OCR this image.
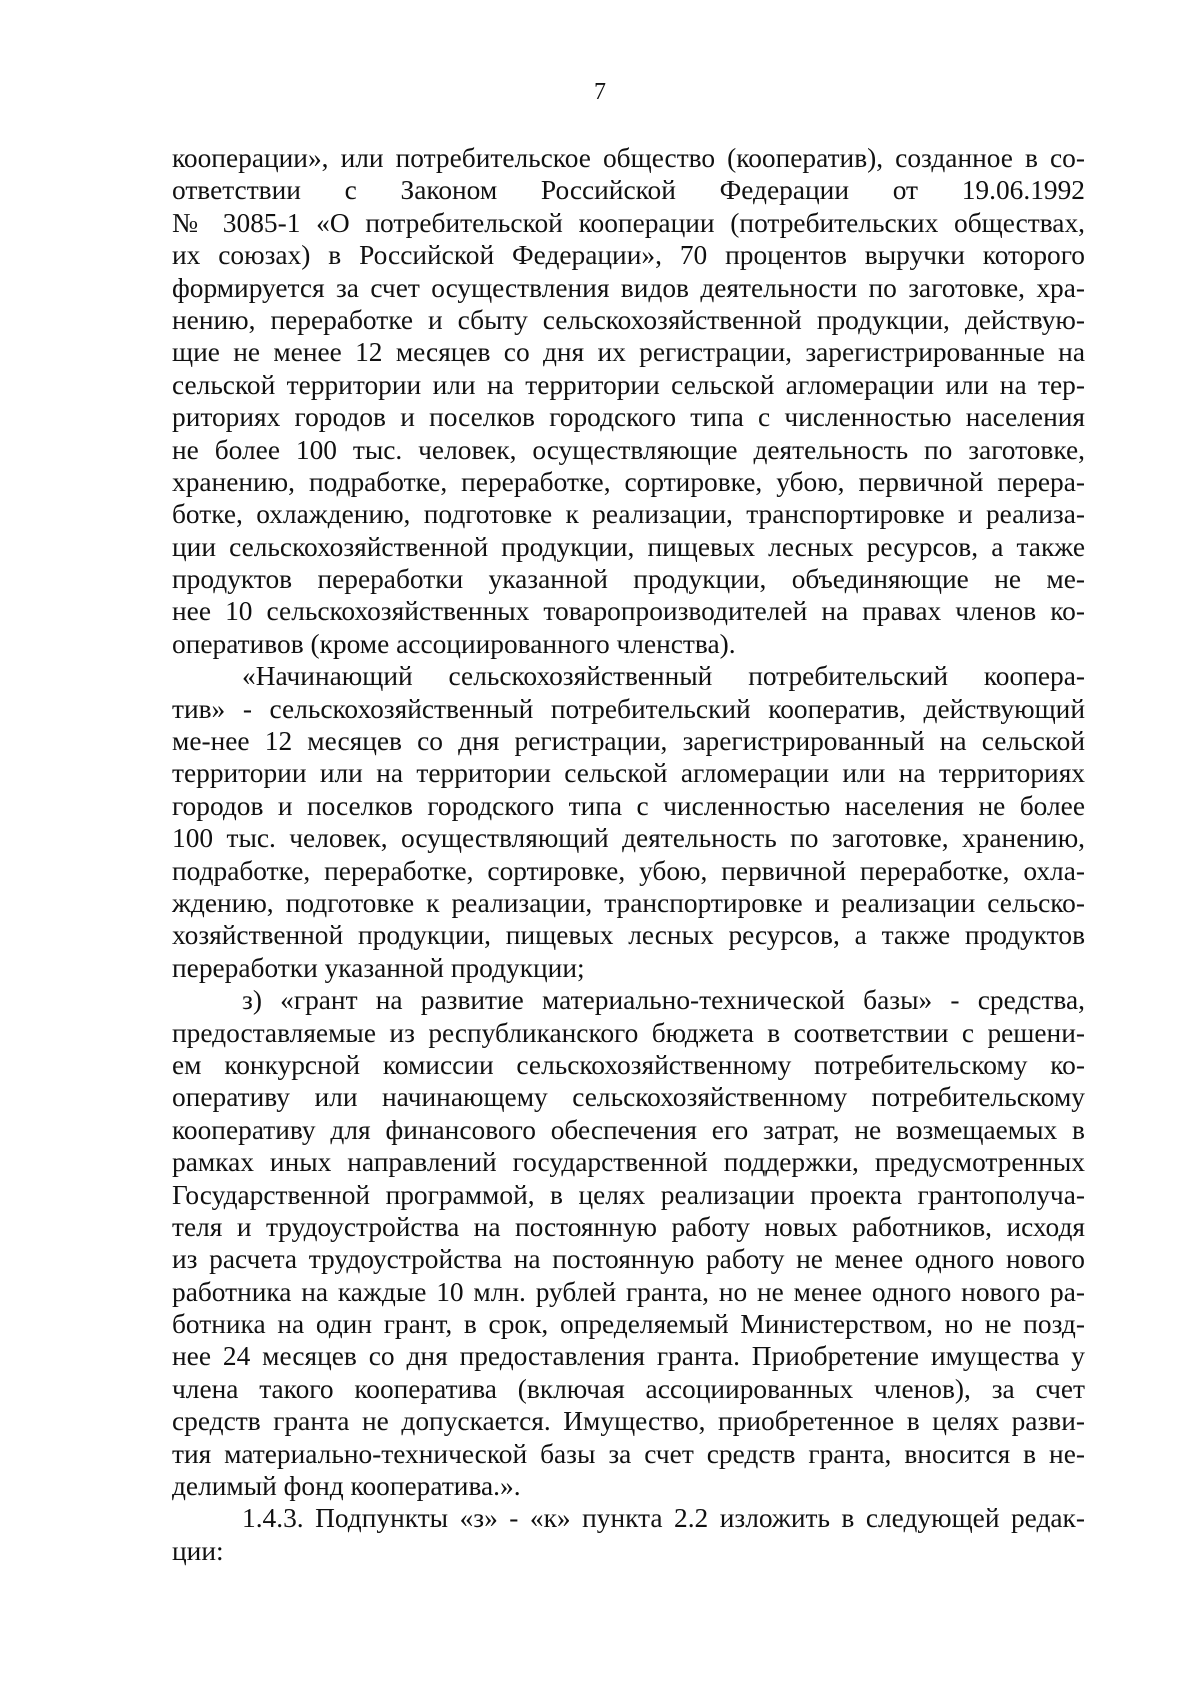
7
кооперации», или потребительское общество (кооператив), созданное в со-
ответствии с Законом Российской Федерации от 19.06.1992
№ 3085-1 «О потребительской кооперации (потребительских обществах,
их союзах) в Российской Федерации», 70 процентов выручки которого
формируется за счет осуществления видов деятельности по заготовке, хра-
нению, переработке и сбыту сельскохозяйственной продукции, действую-
щие не менее 12 месяцев со дня их регистрации, зарегистрированные на
сельской территории или на территории сельской агломерации или на тер-
риториях городов и поселков городского типа с численностью населения
не более 100 тыс. человек, осуществляющие деятельность по заготовке,
хранению, подработке, переработке, сортировке, убою, первичной перера-
ботке, охлаждению, подготовке к реализации, транспортировке и реализа-
ции сельскохозяйственной продукции, пищевых лесных ресурсов, а также
продуктов переработки указанной продукции, объединяющие не ме-
нее 10 сельскохозяйственных товаропроизводителей на правах членов ко-
оперативов (кроме ассоциированного членства).
«Начинающий сельскохозяйственный потребительский коопера-
тив» - сельскохозяйственный потребительский кооператив, действующий
ме-нее 12 месяцев со дня регистрации, зарегистрированный на сельской
территории или на территории сельской агломерации или на территориях
городов и поселков городского типа с численностью населения не более
100 тыс. человек, осуществляющий деятельность по заготовке, хранению,
подработке, переработке, сортировке, убою, первичной переработке, охла-
ждению, подготовке к реализации, транспортировке и реализации сельско-
хозяйственной продукции, пищевых лесных ресурсов, а также продуктов
переработки указанной продукции;
з) «грант на развитие материально-технической базы» - средства,
предоставляемые из республиканского бюджета в соответствии с решени-
ем конкурсной комиссии сельскохозяйственному потребительскому ко-
оперативу или начинающему сельскохозяйственному потребительскому
кооперативу для финансового обеспечения его затрат, не возмещаемых в
рамках иных направлений государственной поддержки, предусмотренных
Государственной программой, в целях реализации проекта грантополуча-
теля и трудоустройства на постоянную работу новых работников, исходя
из расчета трудоустройства на постоянную работу не менее одного нового
работника на каждые 10 млн. рублей гранта, но не менее одного нового ра-
ботника на один грант, в срок, определяемый Министерством, но не позд-
нее 24 месяцев со дня предоставления гранта. Приобретение имущества у
члена такого кооператива (включая ассоциированных членов), за счет
средств гранта не допускается. Имущество, приобретенное в целях разви-
тия материально-технической базы за счет средств гранта, вносится в не-
делимый фонд кооператива.».
1.4.3. Подпункты «з» - «к» пункта 2.2 изложить в следующей редак-
ции:
